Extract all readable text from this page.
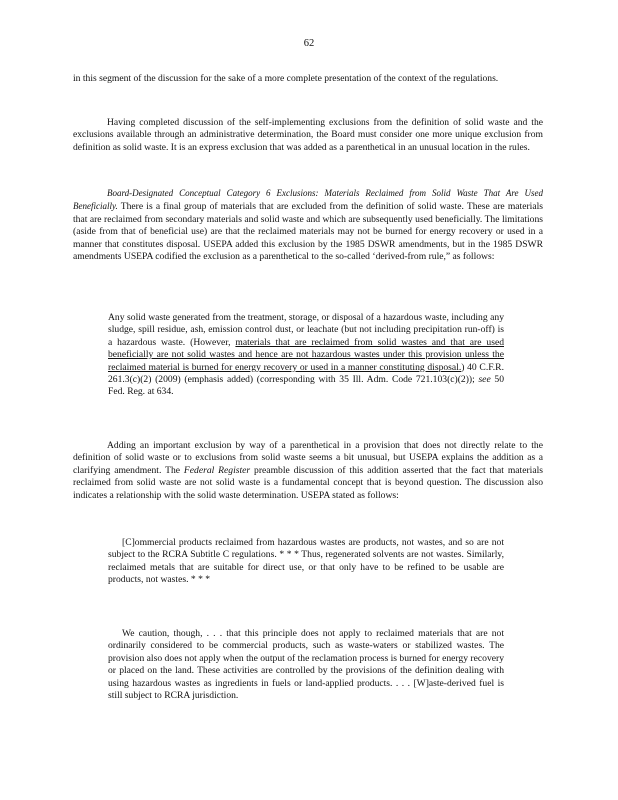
62

in this segment of the discussion for the sake of a more complete presentation of the context of the regulations.

Having completed discussion of the self-implementing exclusions from the definition of solid waste and the exclusions available through an administrative determination, the Board must consider one more unique exclusion from definition as solid waste. It is an express exclusion that was added as a parenthetical in an unusual location in the rules.

Board-Designated Conceptual Category 6 Exclusions: Materials Reclaimed from Solid Waste That Are Used Beneficially. There is a final group of materials that are excluded from the definition of solid waste. These are materials that are reclaimed from secondary materials and solid waste and which are subsequently used beneficially. The limitations (aside from that of beneficial use) are that the reclaimed materials may not be burned for energy recovery or used in a manner that constitutes disposal. USEPA added this exclusion by the 1985 DSWR amendments, but in the 1985 DSWR amendments USEPA codified the exclusion as a parenthetical to the so-called ‘derived-from rule,” as follows:

Any solid waste generated from the treatment, storage, or disposal of a hazardous waste, including any sludge, spill residue, ash, emission control dust, or leachate (but not including precipitation run-off) is a hazardous waste. (However, materials that are reclaimed from solid wastes and that are used beneficially are not solid wastes and hence are not hazardous wastes under this provision unless the reclaimed material is burned for energy recovery or used in a manner constituting disposal.) 40 C.F.R. 261.3(c)(2) (2009) (emphasis added) (corresponding with 35 Ill. Adm. Code 721.103(c)(2)); see 50 Fed. Reg. at 634.

Adding an important exclusion by way of a parenthetical in a provision that does not directly relate to the definition of solid waste or to exclusions from solid waste seems a bit unusual, but USEPA explains the addition as a clarifying amendment. The Federal Register preamble discussion of this addition asserted that the fact that materials reclaimed from solid waste are not solid waste is a fundamental concept that is beyond question. The discussion also indicates a relationship with the solid waste determination. USEPA stated as follows:

[C]ommercial products reclaimed from hazardous wastes are products, not wastes, and so are not subject to the RCRA Subtitle C regulations. * * * Thus, regenerated solvents are not wastes. Similarly, reclaimed metals that are suitable for direct use, or that only have to be refined to be usable are products, not wastes. * * *

We caution, though, . . . that this principle does not apply to reclaimed materials that are not ordinarily considered to be commercial products, such as waste-waters or stabilized wastes. The provision also does not apply when the output of the reclamation process is burned for energy recovery or placed on the land. These activities are controlled by the provisions of the definition dealing with using hazardous wastes as ingredients in fuels or land-applied products. . . . [W]aste-derived fuel is still subject to RCRA jurisdiction.
